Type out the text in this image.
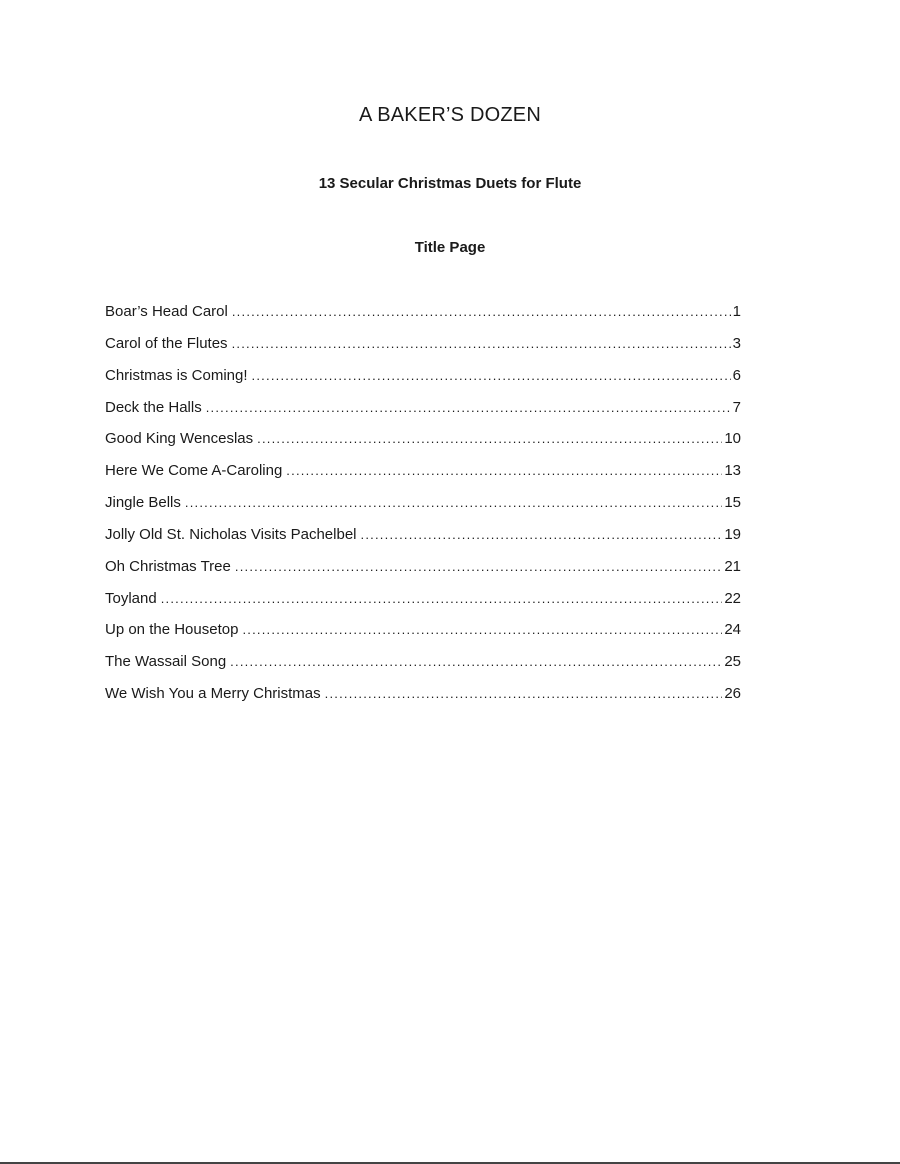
A BAKER’S DOZEN
13 Secular Christmas Duets for Flute
Title Page
Boar’s Head Carol . . .	1
Carol of the Flutes . . .	3
Christmas is Coming! . . .	6
Deck the Halls . . .	7
Good King Wenceslas . . .	10
Here We Come A-Caroling . . .	13
Jingle Bells . . .	15
Jolly Old St. Nicholas Visits Pachelbel . . .	19
Oh Christmas Tree . . .	21
Toyland . . .	22
Up on the Housetop . . .	24
The Wassail Song . . .	25
We Wish You a Merry Christmas . . .	26
